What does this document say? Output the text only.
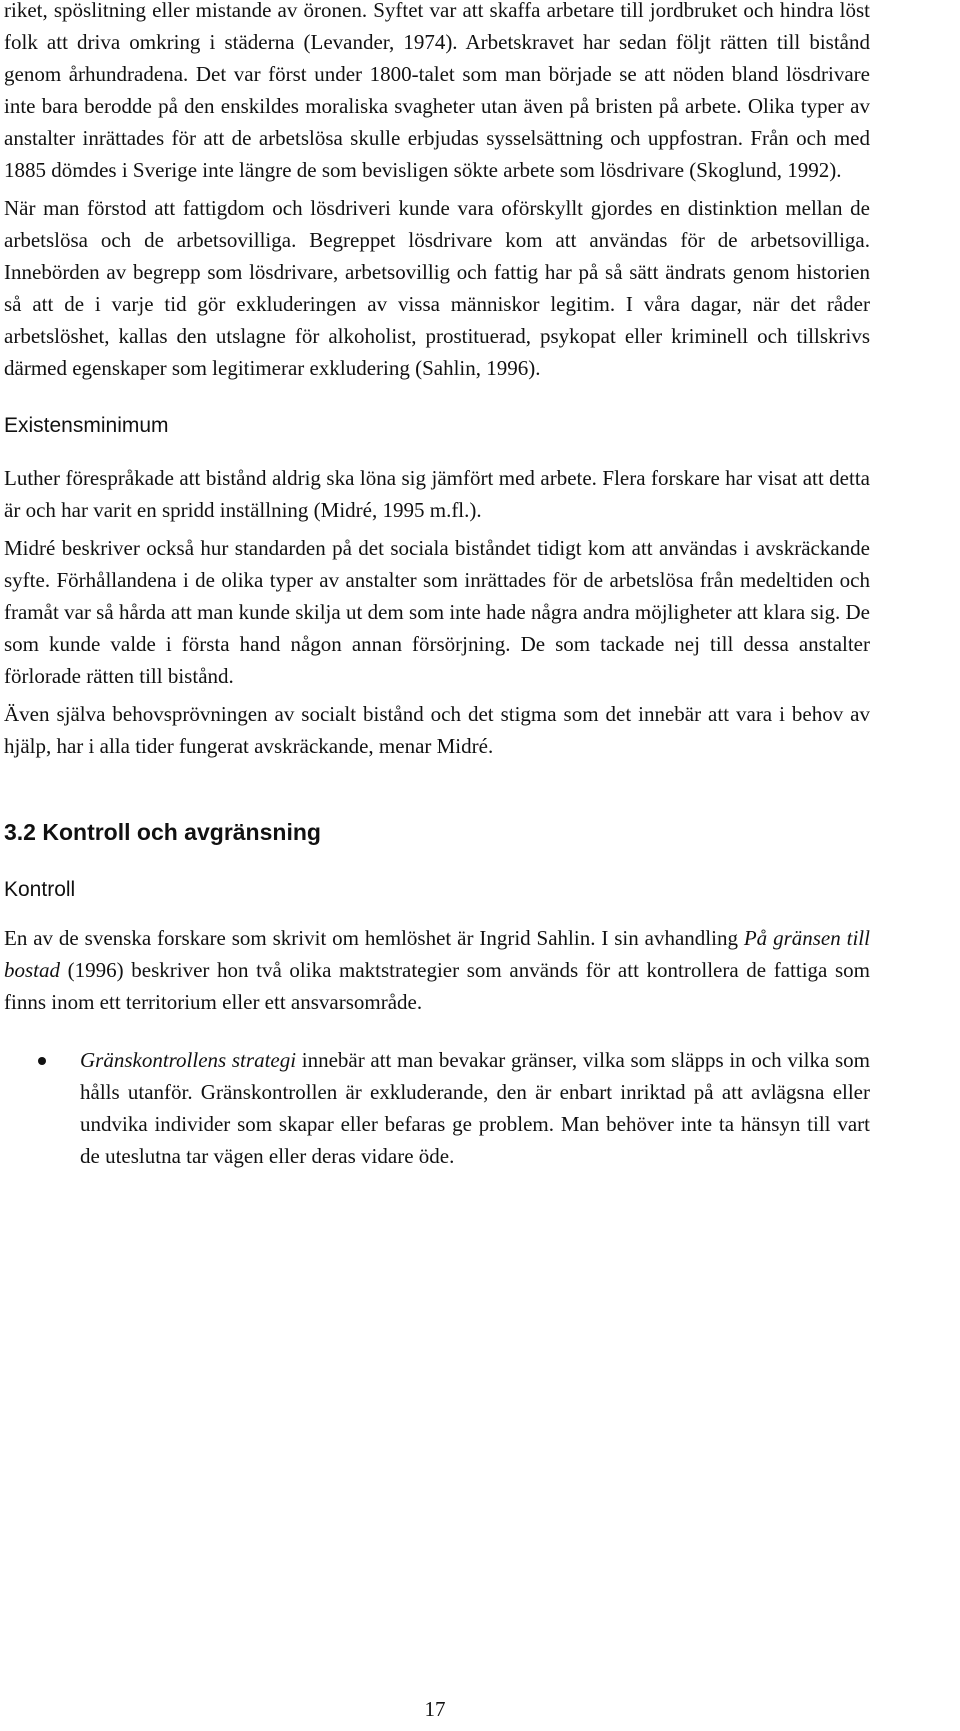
riket, spöslitning eller mistande av öronen. Syftet var att skaffa arbetare till jordbruket och hindra löst folk att driva omkring i städerna (Levander, 1974). Arbetskravet har sedan följt rätten till bistånd genom århundradena. Det var först under 1800-talet som man började se att nöden bland lösdrivare inte bara berodde på den enskildes moraliska svagheter utan även på bristen på arbete. Olika typer av anstalter inrättades för att de arbetslösa skulle erbjudas sysselsättning och uppfostran. Från och med 1885 dömdes i Sverige inte längre de som bevisligen sökte arbete som lösdrivare (Skoglund, 1992).

När man förstod att fattigdom och lösdriveri kunde vara oförskyllt gjordes en distinktion mellan de arbetslösa och de arbetsovilliga. Begreppet lösdrivare kom att användas för de arbetsovilliga. Innebörden av begrepp som lösdrivare, arbetsovillig och fattig har på så sätt ändrats genom historien så att de i varje tid gör exkluderingen av vissa människor legitim. I våra dagar, när det råder arbetslöshet, kallas den utslagne för alkoholist, prostituerad, psykopat eller kriminell och tillskrivs därmed egenskaper som legitimerar exkludering (Sahlin, 1996).

Existensminimum

Luther förespråkade att bistånd aldrig ska löna sig jämfört med arbete. Flera forskare har visat att detta är och har varit en spridd inställning (Midré, 1995 m.fl.).

Midré beskriver också hur standarden på det sociala biståndet tidigt kom att användas i avskräckande syfte. Förhållandena i de olika typer av anstalter som inrättades för de arbetslösa från medeltiden och framåt var så hårda att man kunde skilja ut dem som inte hade några andra möjligheter att klara sig. De som kunde valde i första hand någon annan försörjning. De som tackade nej till dessa anstalter förlorade rätten till bistånd.

Även själva behovsprövningen av socialt bistånd och det stigma som det innebär att vara i behov av hjälp, har i alla tider fungerat avskräckande, menar Midré.

3.2 Kontroll och avgränsning
Kontroll

En av de svenska forskare som skrivit om hemlöshet är Ingrid Sahlin. I sin avhandling På gränsen till bostad (1996) beskriver hon två olika maktstrategier som används för att kontrollera de fattiga som finns inom ett territorium eller ett ansvarsområde.

Gränskontrollens strategi innebär att man bevakar gränser, vilka som släpps in och vilka som hålls utanför. Gränskontrollen är exkluderande, den är enbart inriktad på att avlägsna eller undvika individer som skapar eller befaras ge problem. Man behöver inte ta hänsyn till vart de uteslutna tar vägen eller deras vidare öde.
17
